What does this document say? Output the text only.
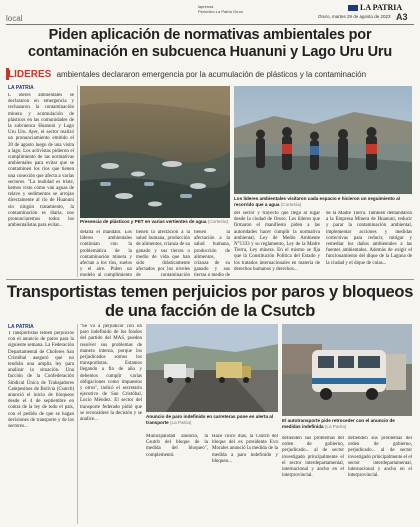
local
laprensa
Periódico La Patria Oruro	LA PATRIA
Oruro, martes 29 de agosto de 2023 A3
Piden aplicación de normativas ambientales por contaminación en subcuenca Huanuni y Lago Uru Uru
LÍDERES ambientales declararon emergencia por la acumulación de plásticos y la contaminación
LA PATRIA
L íderes ambientales se declararon en emergencia y rechazaron la contaminación minera y acumulación de plásticos en las comunidades de la subcuenca Huanuni y Lago Uru Uru. Ayer, el sector realizó un pronunciamiento emitido el 20 de agosto luego de una visita a lago. Los activistas pidieron el cumplimiento de las normativas ambientales para evitar que se contaminen los ríos que tienen una conexión que afecta a varias sectores. "La realidad es triste, hemos visto cómo van aguas de relave y sedimentos se arrojan directamente al río de Huanuni sin ningún tratamiento, la contaminación es diaria, nos pronunciaremos todos los ambientalistas para evitar...
Presencia de plásticos y PET en varias vertientes de agua (Cortesía)
Los líderes ambientales visitaron cada espacio e hicieron un seguimiento al recorrido que a agua (Cortesía)
detalla el mandato. Los líderes ambientales continúan con la problemática de la contaminación minera y afectan a los ríos, suelos y el aire. Piden un modelo al cumplimiento
tienen la afectación a la salud humana, producción de alimentos, crianza de su ganado y sus tierras o medio de vida que han sido drásticamente afectados por los niveles de contaminación
tienen la afectación a la salud humana, producción de alimentos, crianza de su ganado y sus tierras o medio de
del sector y trayecto que llega al lugar desde la ciudad de Oruro. Los líderes que firmaron el manifiesto piden a las autoridades hacer cumplir la normativa ambiental, Ley de Medio Ambiente N°1333 y su reglamento, Ley de la Madre Tierra, Ley minera. En el mismo se fija que la Constitución Política del Estado y los tratados internacionales en materia de derechos humanos y derechos...
de la Madre Tierra. También demandaron a la Empresa Minera de Huanuni, reducir y parar la contaminación ambiental, implementar acciones y medidas correctivas para reducir, mitigar y remediar los daños ambientales a las fuentes ambientales. Además de exigir el funcionamiento del dique de la Laguna de la ciudad y el dique de colas...
Transportistas temen perjuicios por paros y bloqueos de una facción de la Csutcb
LA PATRIA
T ransportistas temen perjuicios con el anuncio de paros para la siguiente semana. La Federación Departamental de Choferes San Cristóbal aseguró que no tendrán una amplia ley para analizar la situación. Una facción de la Confederación Sindical Única de Trabajadores Campesinos de Bolivia (Csutcb) anunció el inicio de bloqueos desde el 4 de septiembre en contra de la ley de todo el país, con el pedido de que se hagan decisiones de transporte y de los sectores...
"Se va a perjudicar con un paro indefinido de los fondos del partido del MAS, pueden resolver sus problemas de manera interna, porque los perjudicados somos los transportistas. Estamos llegando a fin de año y debemos cumplir varias obligaciones como impuestos y otros", indicó el secretario ejecutivo de San Cristóbal, Lucio Méndez. El sector del transporte federado pidió que se reconsidere la decisión y se analice...
Anuncio de paro indefinido en carreteras pone en alerta al transporte (La Patria)	El autotransporte pide retroceder con el anuncio de medidas indefinida (La Patria)
Municipalidad anunció, la Csutcb del bloque de la medida del bloqueo", complementó.
Hace cinco días, la Csutcb del bloque del ex presidente Evo Morales anunció la medida de la medida a paro indefinido y bloqueo...
defienden sus problemas del orden de gobierno, perjudicado... al de sector investigado principalmente el el sector interdepartamental, internacional y ancho en el interprovincial.
defienden sus problemas del orden de gobierno, perjudicado... al de sector investigado principalmente el el sector interdepartamental, internacional y ancho en el interprovincial.
